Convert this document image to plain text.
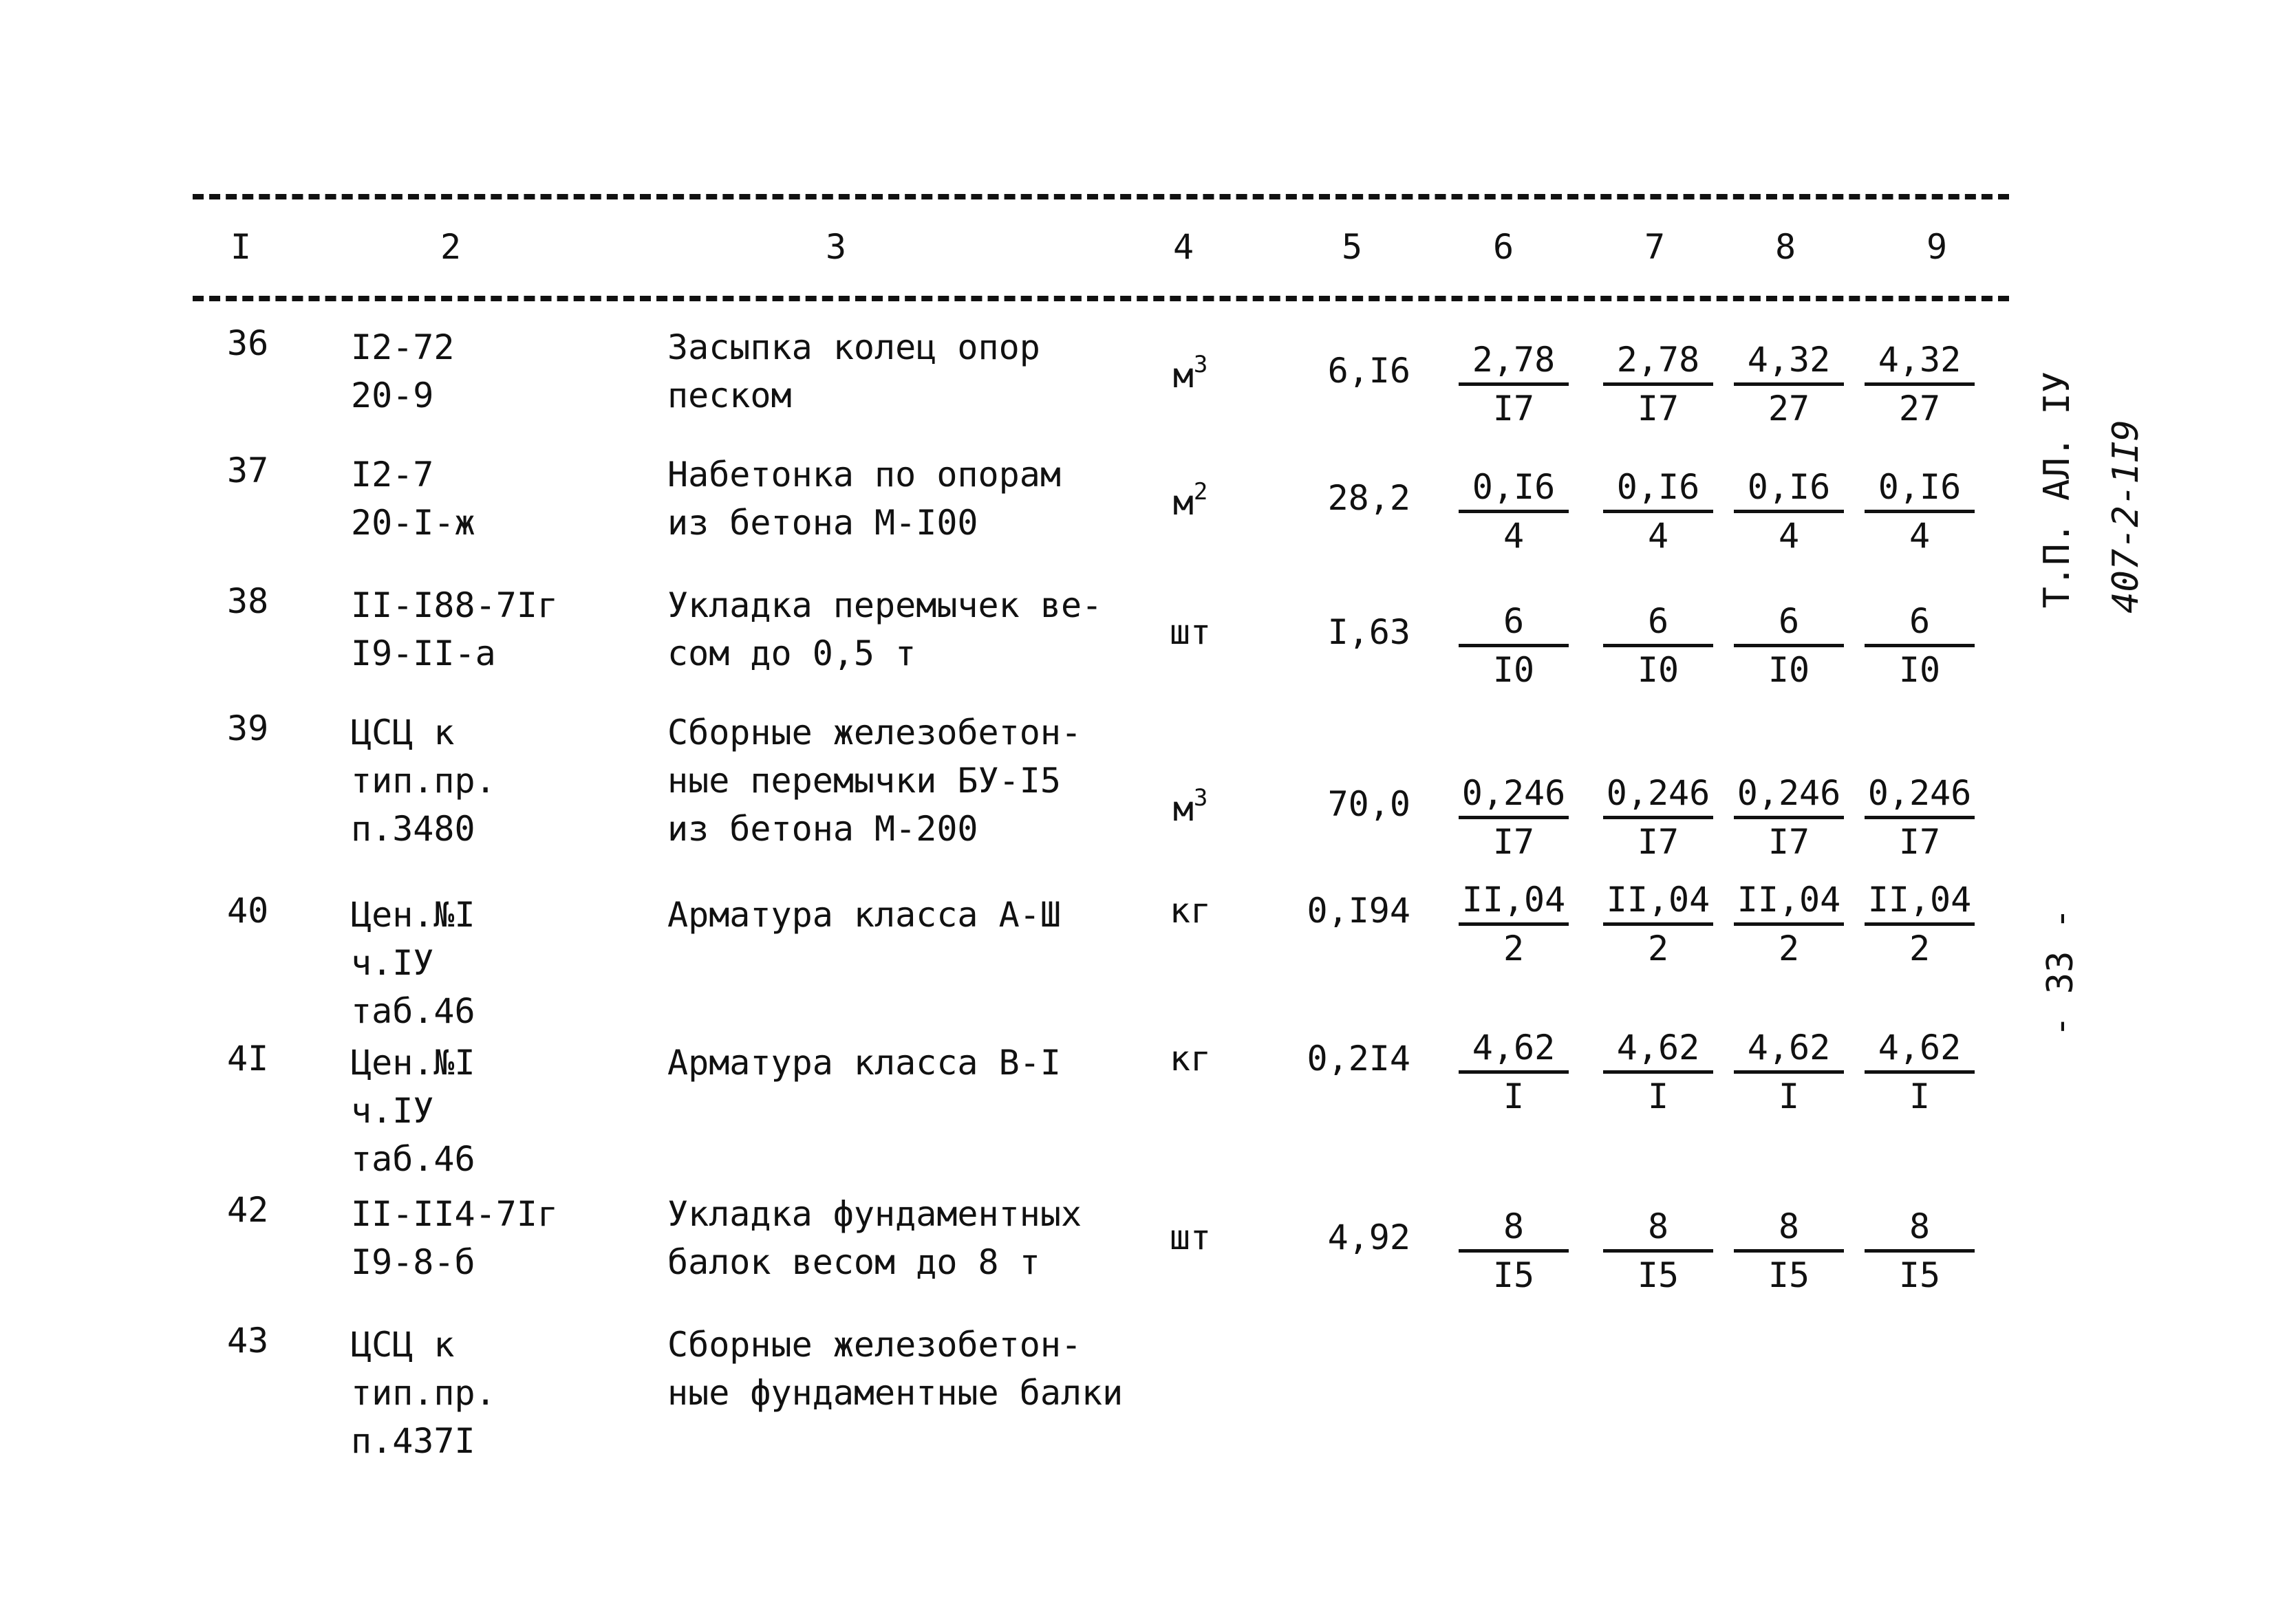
I	2	3	4	5	6	7	8	9
36	I2-72
20-9
Засыпка колец опор
песком	$м^3$	$6,I6 \frac{2,78}{I7} \frac{2,78}{I7} \frac{4,32}{27} \frac{4,32}{27}$
37	I2-7
20-I-ж
Набетонка по опорам
из бетона М-I00	$м^2$	$28,2 \frac{0,I6}{4} \frac{0,I6}{4} \frac{0,I6}{4} \frac{0,I6}{4}$
38	II-I88-7Iг
I9-II-а
Укладка перемычек ве-
сом до 0,5 т
шт	$I,63 \frac{6}{I0} \frac{6}{I0} \frac{6}{I0} \frac{6}{I0}$
39	ЦСЦ к
тип.пр.
п.3480
Сборные железобетон-
ные перемычки БУ-I5
из бетона М-200	$м^3$	$70,0 \frac{0,246}{I7} \frac{0,246}{I7} \frac{0,246}{I7} \frac{0,246}{I7}$
40	Цен.№I
ч.IУ
таб.46
Арматура класса А-Ш	кг	$0,I94 \frac{II,04}{2} \frac{II,04}{2} \frac{II,04}{2} \frac{II,04}{2}$
4I	Цен.№I
ч.IУ
таб.46
Арматура класса В-I	кг	$0,2I4 \frac{4,62}{I} \frac{4,62}{I} \frac{4,62}{I} \frac{4,62}{I}$
42	II-II4-7Iг
I9-8-б
Укладка фундаментных
балок весом до 8 т
шт	$4,92 \frac{8}{I5} \frac{8}{I5} \frac{8}{I5} \frac{8}{I5}$
43	ЦСЦ к
тип.пр.
п.437I
Сборные железобетон-
ные фундаментные балки
Т.П. АЛ. IУ 407-2-1I9
- 33 -
